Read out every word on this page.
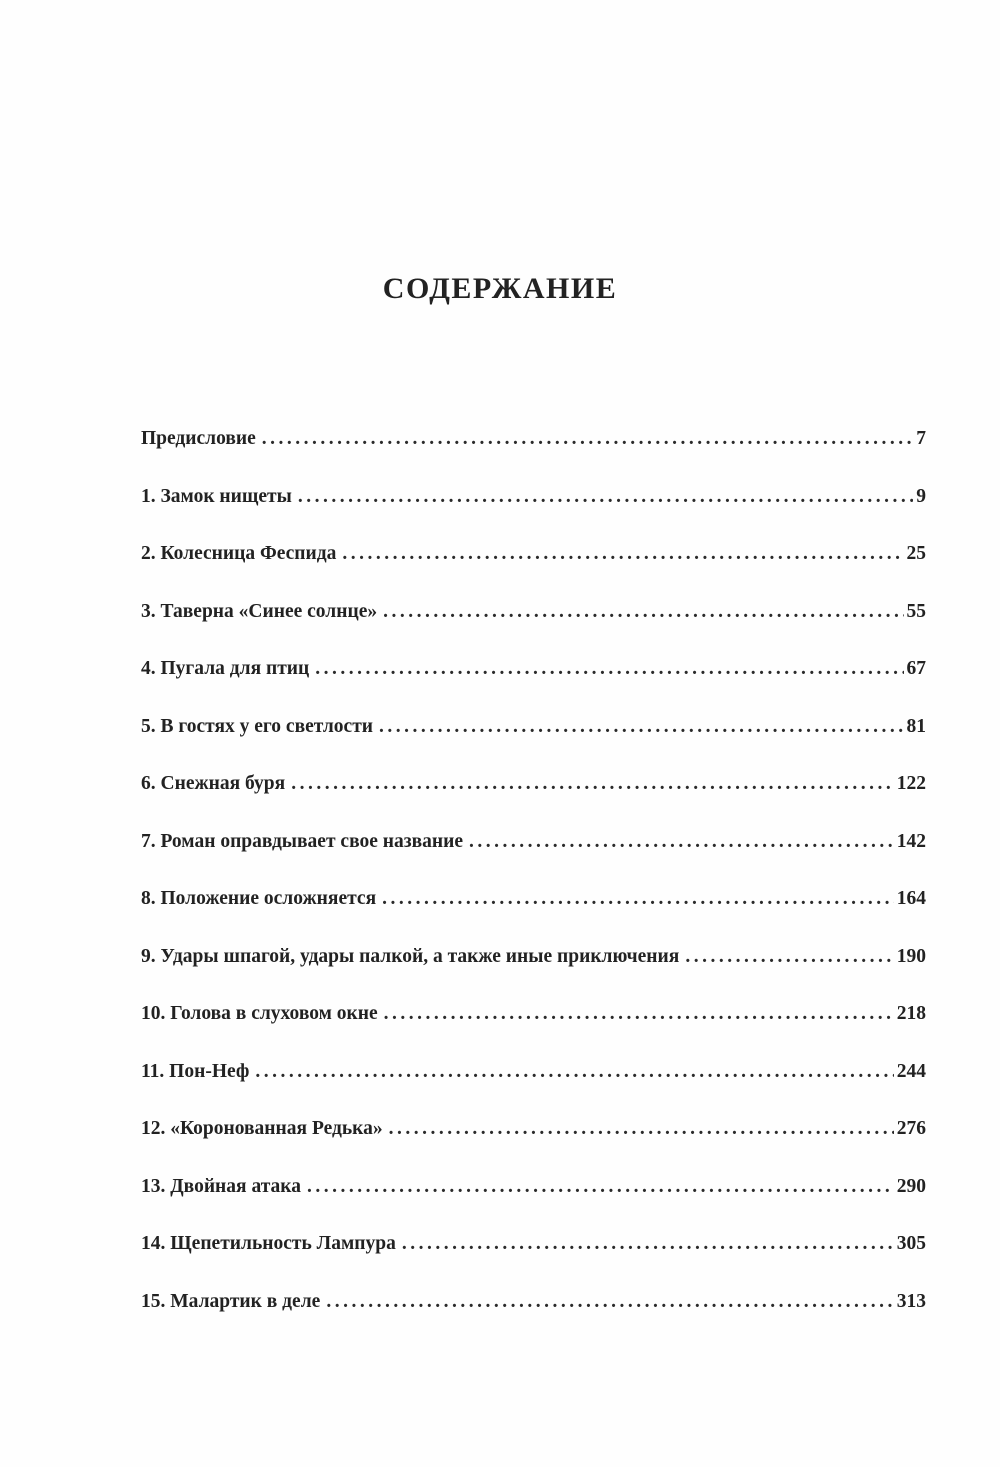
СОДЕРЖАНИЕ
Предисловие .....	7
1. Замок нищеты .....	9
2. Колесница Феспида .....	25
3. Таверна «Синее солнце» .....	55
4. Пугала для птиц .....	67
5. В гостях у его светлости .....	81
6. Снежная буря .....	122
7. Роман оправдывает свое название .....	142
8. Положение осложняется .....	164
9. Удары шпагой, удары палкой, а также иные приключения .....	190
10. Голова в слуховом окне .....	218
11. Пон-Неф .....	244
12. «Коронованная Редька» .....	276
13. Двойная атака .....	290
14. Щепетильность Лампура .....	305
15. Малартик в деле .....	313
